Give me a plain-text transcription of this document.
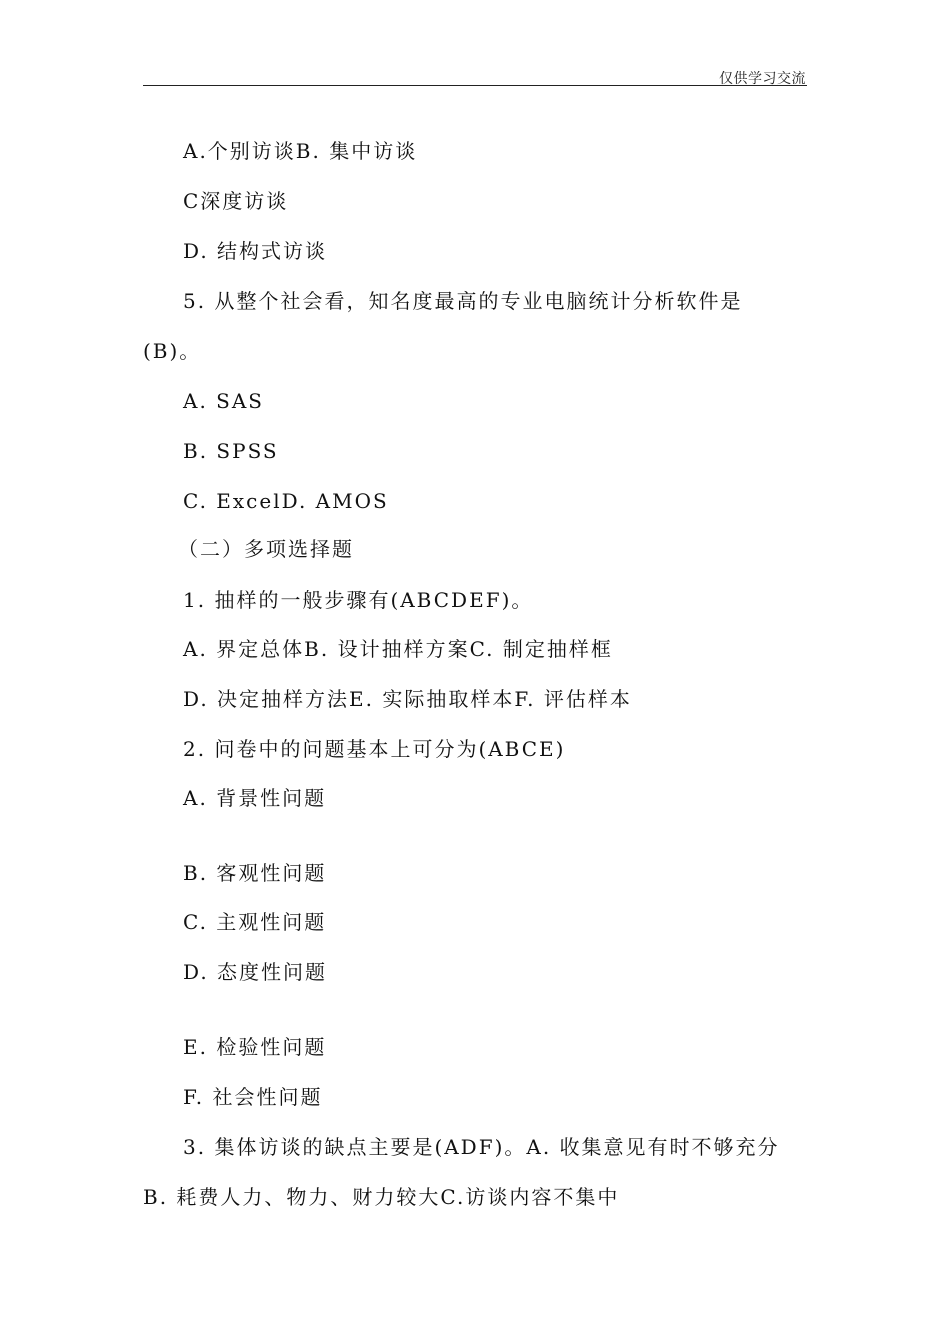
仅供学习交流
A.个别访谈B. 集中访谈
C深度访谈
D. 结构式访谈
5. 从整个社会看，知名度最高的专业电脑统计分析软件是
(B)。
A. SAS
B. SPSS
C. ExcelD. AMOS
（二）多项选择题
1. 抽样的一般步骤有(ABCDEF)。
A. 界定总体B. 设计抽样方案C. 制定抽样框
D. 决定抽样方法E. 实际抽取样本F. 评估样本
2. 问卷中的问题基本上可分为(ABCE)
A. 背景性问题
B. 客观性问题
C. 主观性问题
D. 态度性问题
E. 检验性问题
F. 社会性问题
3. 集体访谈的缺点主要是(ADF)。A. 收集意见有时不够充分
B. 耗费人力、物力、财力较大C.访谈内容不集中
